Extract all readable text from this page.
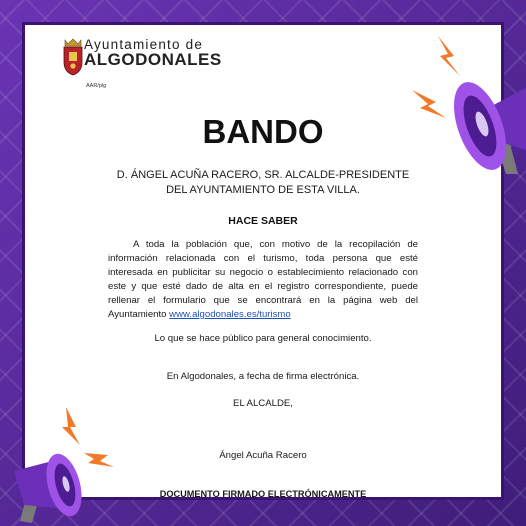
Ayuntamiento de
ALGODONALES
AAR/plg
BANDO
D. ÁNGEL ACUÑA RACERO, SR. ALCALDE-PRESIDENTE DEL AYUNTAMIENTO DE ESTA VILLA.
HACE SABER
A toda la población que, con motivo de la recopilación de información relacionada con el turismo, toda persona que esté interesada en publicitar su negocio o establecimiento relacionado con este y que esté dado de alta en el registro correspondiente, puede rellenar el formulario que se encontrará en la página web del Ayuntamiento www.algodonales.es/turismo
Lo que se hace público para general conocimiento.
En Algodonales, a fecha de firma electrónica.
EL ALCALDE,
Ángel Acuña Racero
DOCUMENTO FIRMADO ELECTRÓNICAMENTE
